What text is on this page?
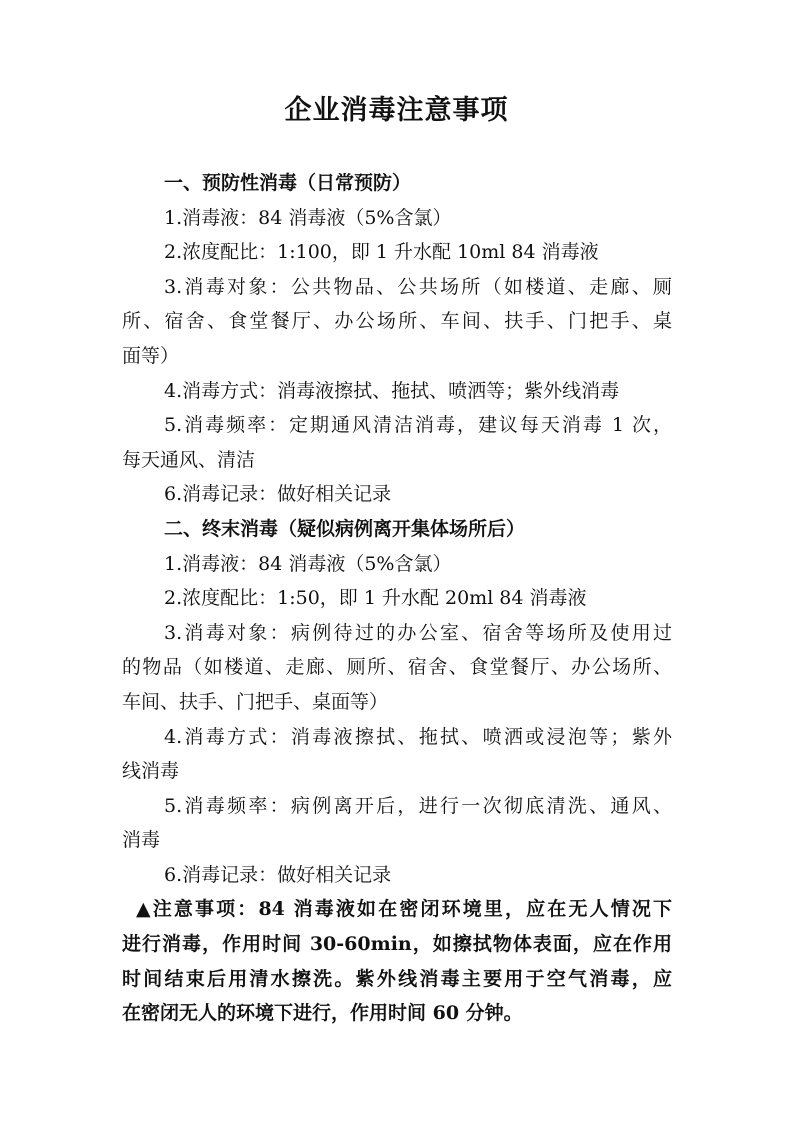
企业消毒注意事项
一、预防性消毒（日常预防）
1.消毒液：84 消毒液（5%含氯）
2.浓度配比：1:100，即 1 升水配 10ml 84 消毒液
3.消毒对象：公共物品、公共场所（如楼道、走廊、厕
所、宿舍、食堂餐厅、办公场所、车间、扶手、门把手、桌
面等）
4.消毒方式：消毒液擦拭、拖拭、喷洒等；紫外线消毒
5.消毒频率：定期通风清洁消毒，建议每天消毒 1 次，
每天通风、清洁
6.消毒记录：做好相关记录
二、终末消毒（疑似病例离开集体场所后）
1.消毒液：84 消毒液（5%含氯）
2.浓度配比：1:50，即 1 升水配 20ml 84 消毒液
3.消毒对象：病例待过的办公室、宿舍等场所及使用过
的物品（如楼道、走廊、厕所、宿舍、食堂餐厅、办公场所、
车间、扶手、门把手、桌面等）
4.消毒方式：消毒液擦拭、拖拭、喷洒或浸泡等；紫外
线消毒
5.消毒频率：病例离开后，进行一次彻底清洗、通风、
消毒
6.消毒记录：做好相关记录
▲注意事项：84 消毒液如在密闭环境里，应在无人情况下
进行消毒，作用时间 30-60min，如擦拭物体表面，应在作用
时间结束后用清水擦洗。紫外线消毒主要用于空气消毒，应
在密闭无人的环境下进行，作用时间 60 分钟。
